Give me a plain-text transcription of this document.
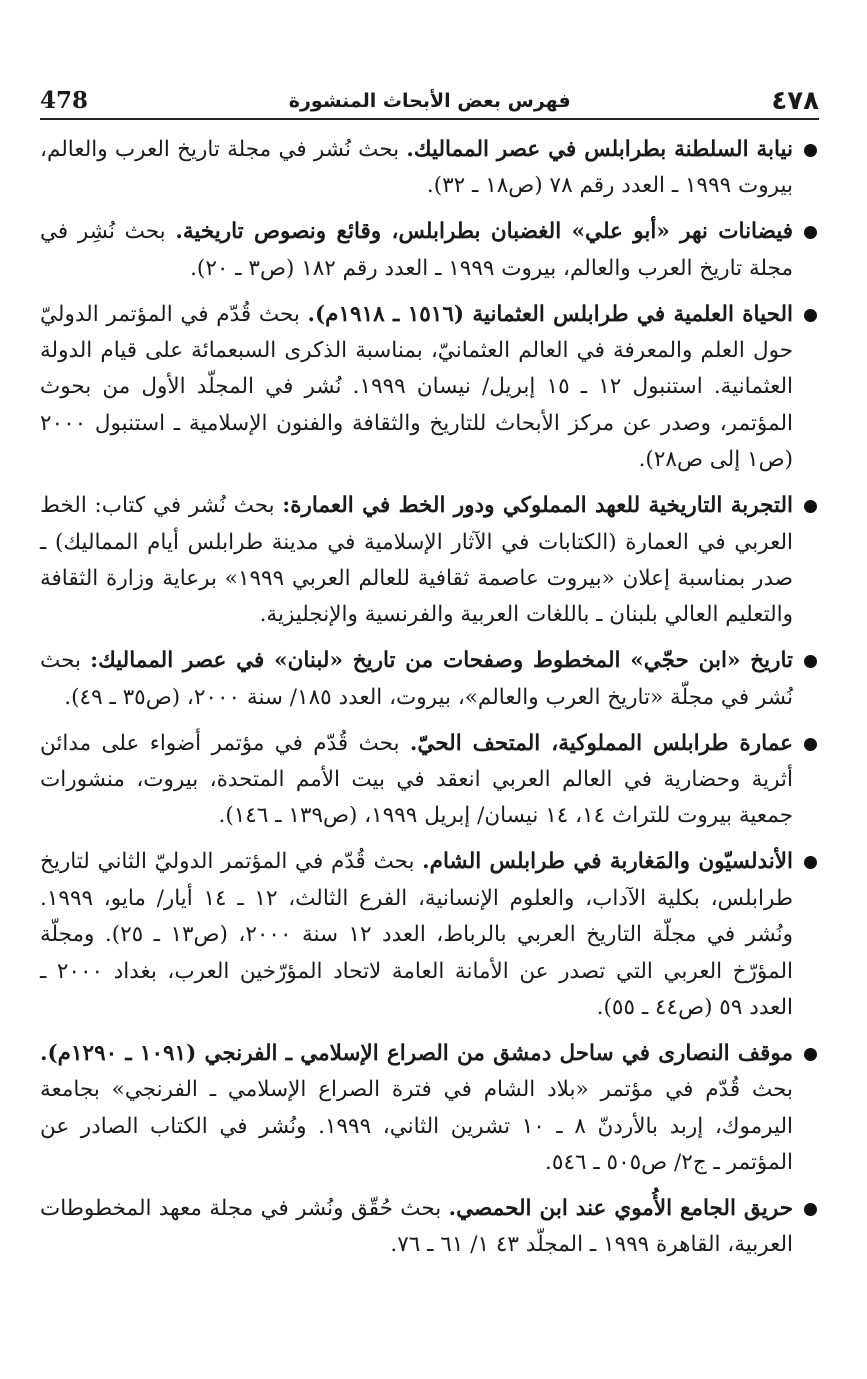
478	فهرس بعض الأبحاث المنشورة	٤٧٨
نيابة السلطنة بطرابلس في عصر المماليك. بحث نُشر في مجلة تاريخ العرب والعالم، بيروت ١٩٩٩ ـ العدد رقم ٧٨ (ص١٨ ـ ٣٢).
فيضانات نهر «أبو علي» الغضبان بطرابلس، وقائع ونصوص تاريخية. بحث نُشِر في مجلة تاريخ العرب والعالم، بيروت ١٩٩٩ ـ العدد رقم ١٨٢ (ص٣ ـ ٢٠).
الحياة العلمية في طرابلس العثمانية (١٥١٦ ـ ١٩١٨م). بحث قُدّم في المؤتمر الدوليّ حول العلم والمعرفة في العالم العثمانيّ، بمناسبة الذكرى السبعمائة على قيام الدولة العثمانية. استنبول ١٢ ـ ١٥ إبريل/ نيسان ١٩٩٩. نُشر في المجلّد الأول من بحوث المؤتمر، وصدر عن مركز الأبحاث للتاريخ والثقافة والفنون الإسلامية ـ استنبول ٢٠٠٠ (ص١ إلى ص٢٨).
التجربة التاريخية للعهد المملوكي ودور الخط في العمارة: بحث نُشر في كتاب: الخط العربي في العمارة (الكتابات في الآثار الإسلامية في مدينة طرابلس أيام المماليك) ـ صدر بمناسبة إعلان «بيروت عاصمة ثقافية للعالم العربي ١٩٩٩» برعاية وزارة الثقافة والتعليم العالي بلبنان ـ باللغات العربية والفرنسية والإنجليزية.
تاريخ «ابن حجّي» المخطوط وصفحات من تاريخ «لبنان» في عصر المماليك: بحث نُشر في مجلّة «تاريخ العرب والعالم»، بيروت، العدد ١٨٥/ سنة ٢٠٠٠، (ص٣٥ ـ ٤٩).
عمارة طرابلس المملوكية، المتحف الحيّ. بحث قُدّم في مؤتمر أضواء على مدائن أثرية وحضارية في العالم العربي انعقد في بيت الأمم المتحدة، بيروت، منشورات جمعية بيروت للتراث ١٤، ١٤ نيسان/ إبريل ١٩٩٩، (ص١٣٩ ـ ١٤٦).
الأندلسيّون والمَغاربة في طرابلس الشام. بحث قُدّم في المؤتمر الدوليّ الثاني لتاريخ طرابلس، بكلية الآداب، والعلوم الإنسانية، الفرع الثالث، ١٢ ـ ١٤ أيار/ مايو، ١٩٩٩. ونُشر في مجلّة التاريخ العربي بالرباط، العدد ١٢ سنة ٢٠٠٠، (ص١٣ ـ ٢٥). ومجلّة المؤرّخ العربي التي تصدر عن الأمانة العامة لاتحاد المؤرّخين العرب، بغداد ٢٠٠٠ ـ العدد ٥٩ (ص٤٤ ـ ٥٥).
موقف النصارى في ساحل دمشق من الصراع الإسلامي ـ الفرنجي (١٠٩١ ـ ١٢٩٠م). بحث قُدّم في مؤتمر «بلاد الشام في فترة الصراع الإسلامي ـ الفرنجي» بجامعة اليرموك، إربد بالأردنّ ٨ ـ ١٠ تشرين الثاني، ١٩٩٩. ونُشر في الكتاب الصادر عن المؤتمر ـ ج٢/ ص٥٠٥ ـ ٥٤٦.
حريق الجامع الأُموي عند ابن الحمصي. بحث حُقّق ونُشر في مجلة معهد المخطوطات العربية، القاهرة ١٩٩٩ ـ المجلّد ٤٣ ١/ ٦١ ـ ٧٦.
